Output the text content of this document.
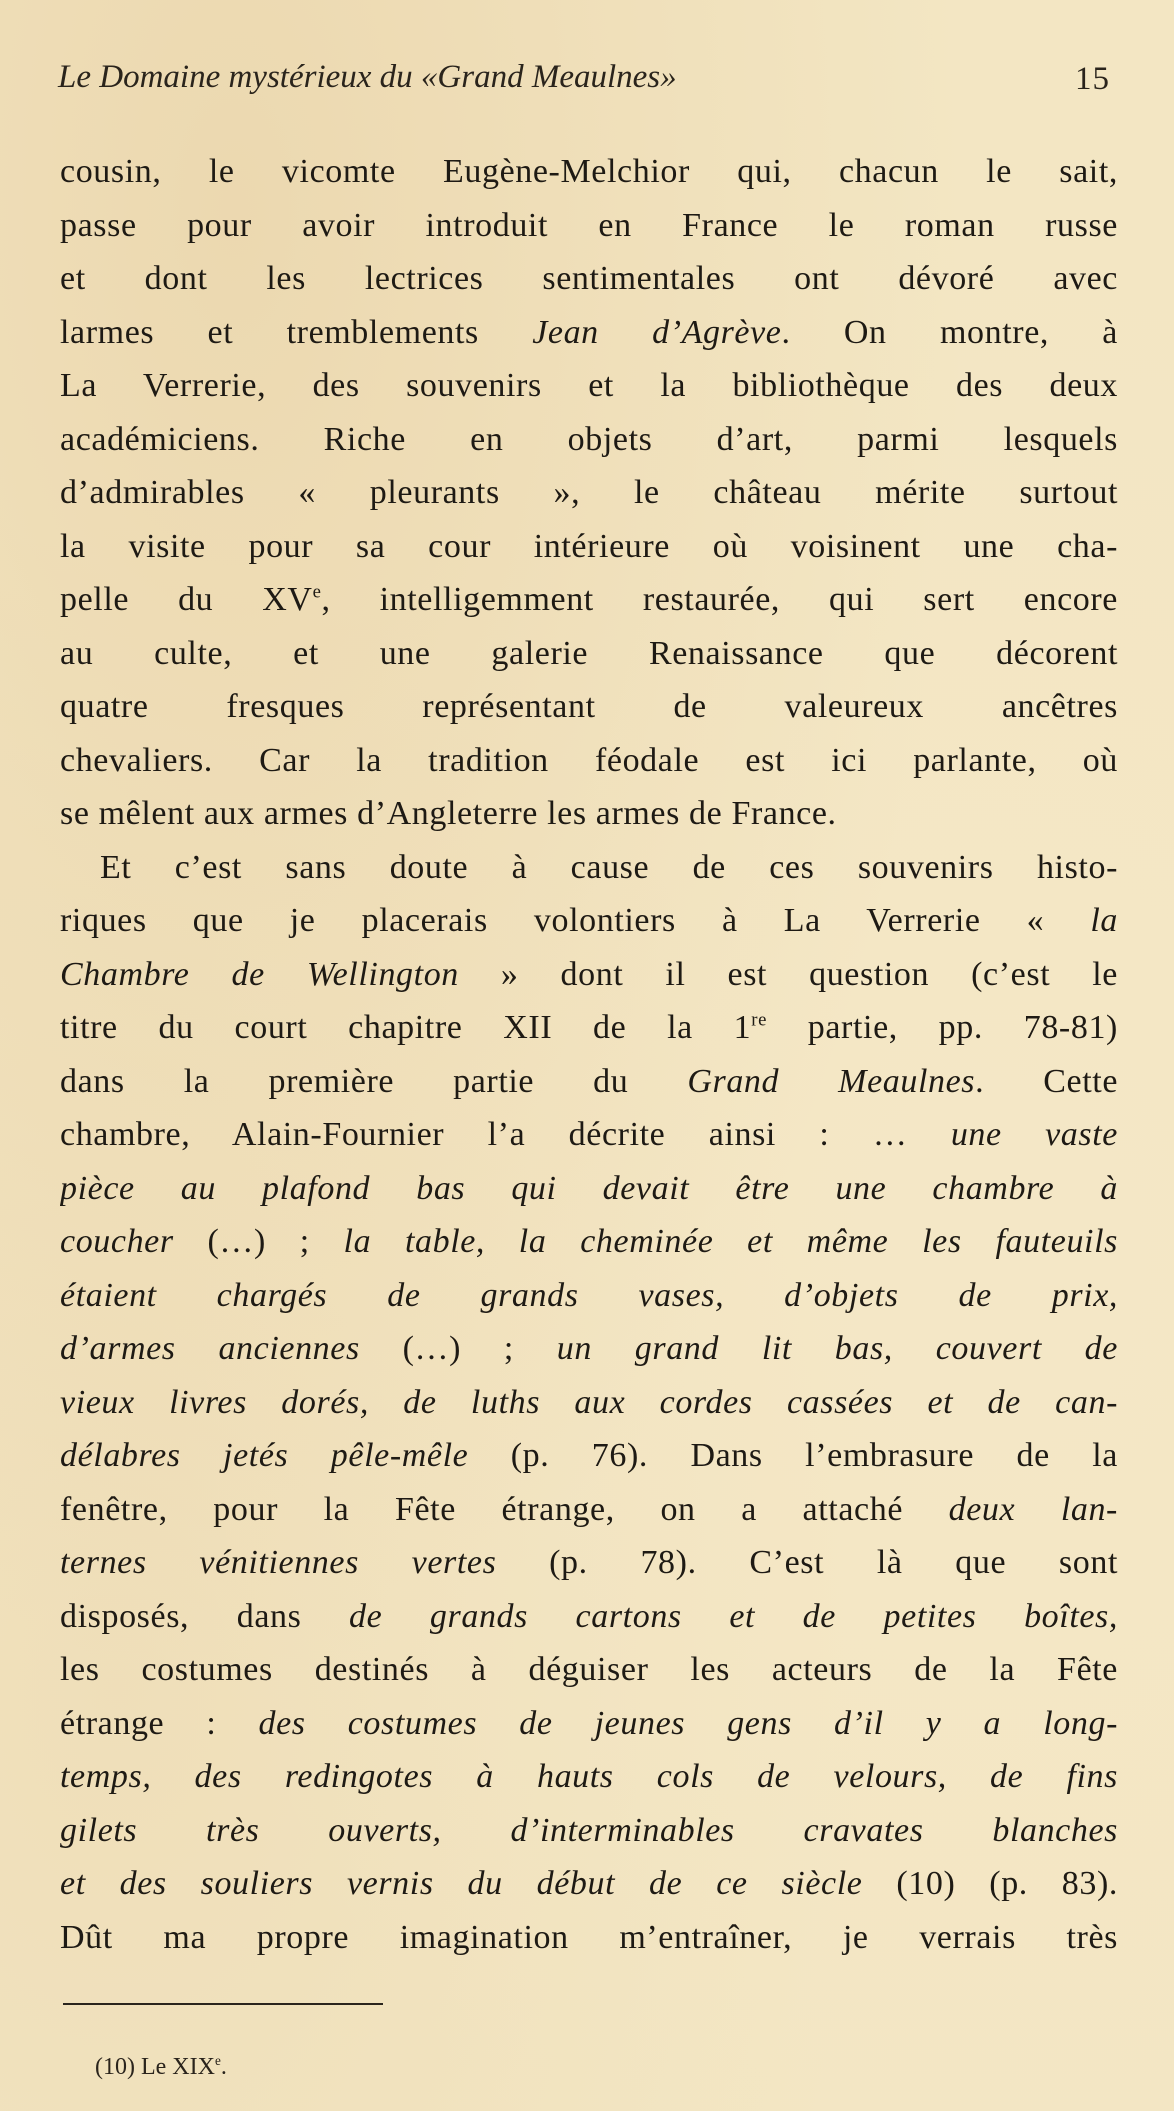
Le Domaine mystérieux du «Grand Meaulnes»	15
cousin, le vicomte Eugène-Melchior qui, chacun le sait,
passe pour avoir introduit en France le roman russe
et dont les lectrices sentimentales ont dévoré avec
larmes et tremblements Jean d’Agrève. On montre, à
La Verrerie, des souvenirs et la bibliothèque des deux
académiciens. Riche en objets d’art, parmi lesquels
d’admirables « pleurants », le château mérite surtout
la visite pour sa cour intérieure où voisinent une cha-
pelle du XVe, intelligemment restaurée, qui sert encore
au culte, et une galerie Renaissance que décorent
quatre fresques représentant de valeureux ancêtres
chevaliers. Car la tradition féodale est ici parlante, où
se mêlent aux armes d’Angleterre les armes de France.
Et c’est sans doute à cause de ces souvenirs histo-
riques que je placerais volontiers à La Verrerie « la
Chambre de Wellington » dont il est question (c’est le
titre du court chapitre XII de la 1re partie, pp. 78-81)
dans la première partie du Grand Meaulnes. Cette
chambre, Alain-Fournier l’a décrite ainsi : … une vaste
pièce au plafond bas qui devait être une chambre à
coucher (…) ; la table, la cheminée et même les fauteuils
étaient chargés de grands vases, d’objets de prix,
d’armes anciennes (…) ; un grand lit bas, couvert de
vieux livres dorés, de luths aux cordes cassées et de can-
délabres jetés pêle-mêle (p. 76). Dans l’embrasure de la
fenêtre, pour la Fête étrange, on a attaché deux lan-
ternes vénitiennes vertes (p. 78). C’est là que sont
disposés, dans de grands cartons et de petites boîtes,
les costumes destinés à déguiser les acteurs de la Fête
étrange : des costumes de jeunes gens d’il y a long-
temps, des redingotes à hauts cols de velours, de fins
gilets très ouverts, d’interminables cravates blanches
et des souliers vernis du début de ce siècle (10) (p. 83).
Dût ma propre imagination m’entraîner, je verrais très
(10) Le XIXe.
